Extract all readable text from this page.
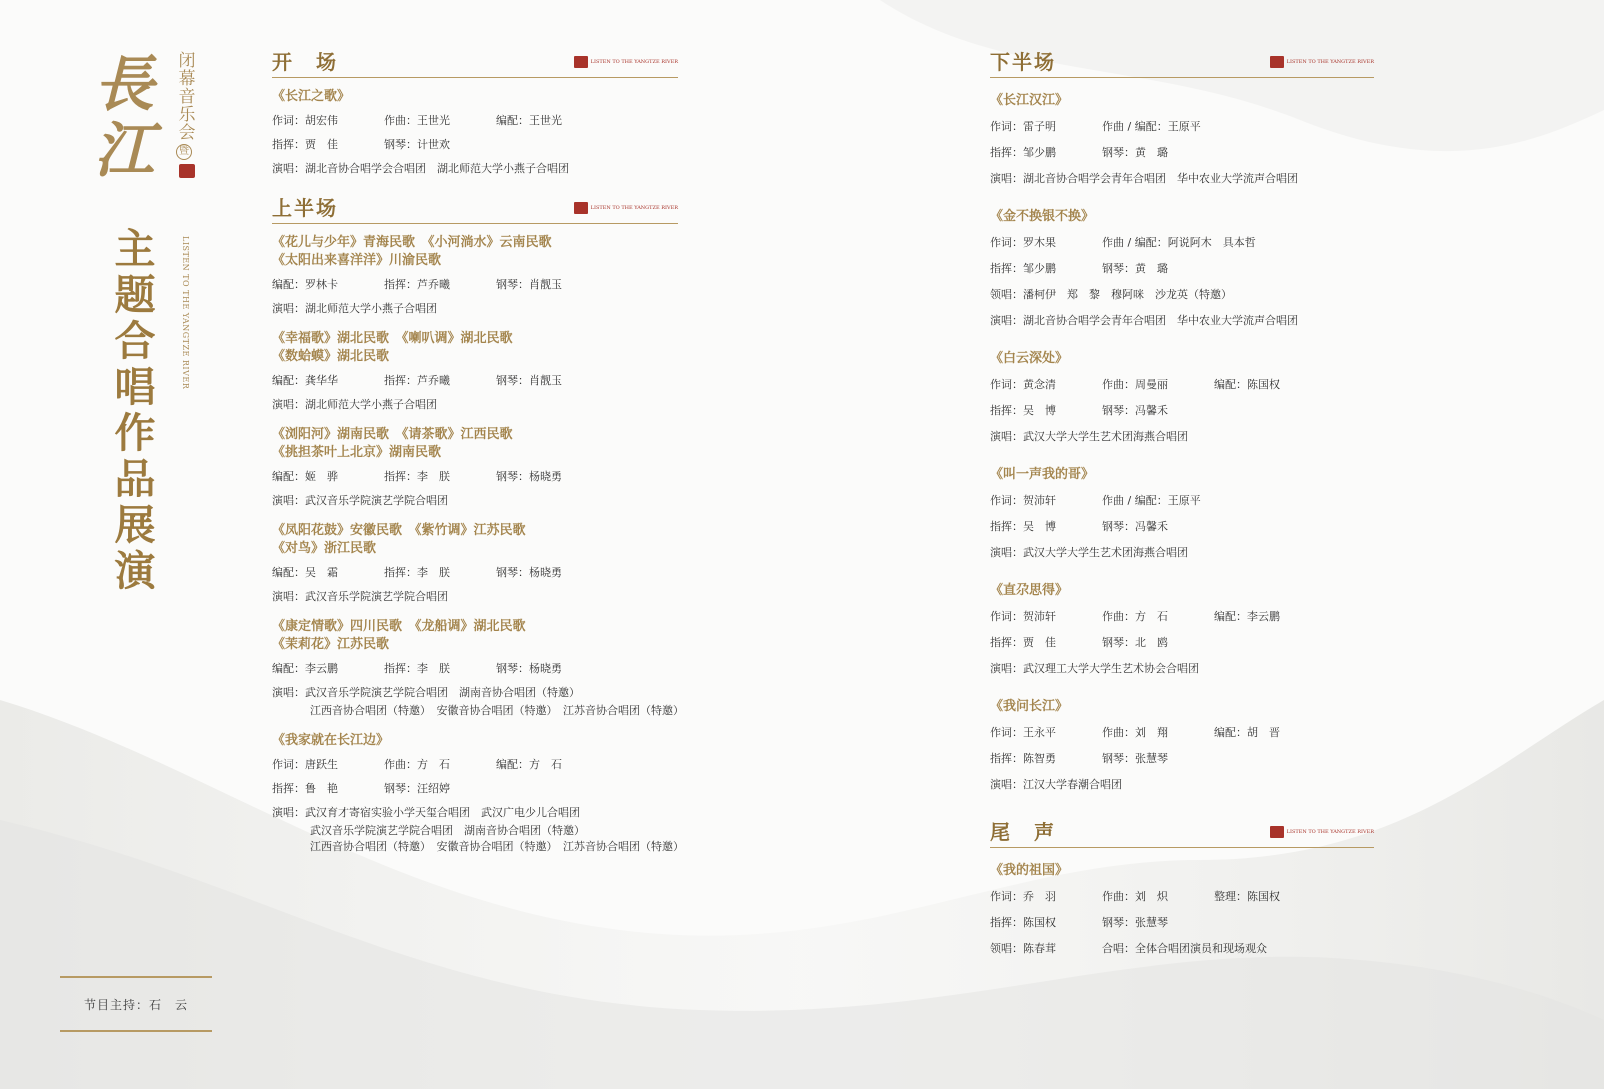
長
江
闭
幕
音
乐
会
暨
LISTEN TO THE YANGTZE RIVER
主
题
合
唱
作
品
展
演
节目主持：石　云
开　场	LISTEN TO THE YANGTZE RIVER
《长江之歌》
作词：胡宏伟	作曲：王世光	编配：王世光
指挥：贾　佳	钢琴：计世欢
演唱：湖北音协合唱学会合唱团　湖北师范大学小燕子合唱团
上半场	LISTEN TO THE YANGTZE RIVER
《花儿与少年》青海民歌　《小河淌水》云南民歌
《太阳出来喜洋洋》川渝民歌
编配：罗林卡	指挥：芦乔曦	钢琴：肖靓玉
演唱：湖北师范大学小燕子合唱团
《幸福歌》湖北民歌　《喇叭调》湖北民歌
《数蛤蟆》湖北民歌
编配：龚华华	指挥：芦乔曦	钢琴：肖靓玉
演唱：湖北师范大学小燕子合唱团
《浏阳河》湖南民歌　《请茶歌》江西民歌
《挑担茶叶上北京》湖南民歌
编配：姬　骅	指挥：李　朕	钢琴：杨晓勇
演唱：武汉音乐学院演艺学院合唱团
《凤阳花鼓》安徽民歌　《紫竹调》江苏民歌
《对鸟》浙江民歌
编配：吴　霜	指挥：李　朕	钢琴：杨晓勇
演唱：武汉音乐学院演艺学院合唱团
《康定情歌》四川民歌　《龙船调》湖北民歌
《茉莉花》江苏民歌
编配：李云鹏	指挥：李　朕	钢琴：杨晓勇
演唱：武汉音乐学院演艺学院合唱团　湖南音协合唱团（特邀）
江西音协合唱团（特邀）　安徽音协合唱团（特邀）　江苏音协合唱团（特邀）
《我家就在长江边》
作词：唐跃生	作曲：方　石	编配：方　石
指挥：鲁　艳	钢琴：汪绍婷
演唱：武汉育才寄宿实验小学天玺合唱团　武汉广电少儿合唱团
武汉音乐学院演艺学院合唱团　湖南音协合唱团（特邀）
江西音协合唱团（特邀）　安徽音协合唱团（特邀）　江苏音协合唱团（特邀）
下半场	LISTEN TO THE YANGTZE RIVER
《长江汉江》
作词：雷子明	作曲 / 编配：王原平
指挥：邹少鹏	钢琴：黄　璐
演唱：湖北音协合唱学会青年合唱团　华中农业大学流声合唱团
《金不换银不换》
作词：罗木果	作曲 / 编配：阿说阿木　具本哲
指挥：邹少鹏	钢琴：黄　璐
领唱：潘柯伊　郑　黎　穆阿咪　沙龙英（特邀）
演唱：湖北音协合唱学会青年合唱团　华中农业大学流声合唱团
《白云深处》
作词：黄念清	作曲：周曼丽	编配：陈国权
指挥：吴　博	钢琴：冯馨禾
演唱：武汉大学大学生艺术团海燕合唱团
《叫一声我的哥》
作词：贺沛轩	作曲 / 编配：王原平
指挥：吴　博	钢琴：冯馨禾
演唱：武汉大学大学生艺术团海燕合唱团
《直尕思得》
作词：贺沛轩	作曲：方　石	编配：李云鹏
指挥：贾　佳	钢琴：北　鸥
演唱：武汉理工大学大学生艺术协会合唱团
《我问长江》
作词：王永平	作曲：刘　翔	编配：胡　晋
指挥：陈智勇	钢琴：张慧琴
演唱：江汉大学春潮合唱团
尾　声	LISTEN TO THE YANGTZE RIVER
《我的祖国》
作词：乔　羽	作曲：刘　炽	整理：陈国权
指挥：陈国权	钢琴：张慧琴
领唱：陈春茸	合唱：全体合唱团演员和现场观众
